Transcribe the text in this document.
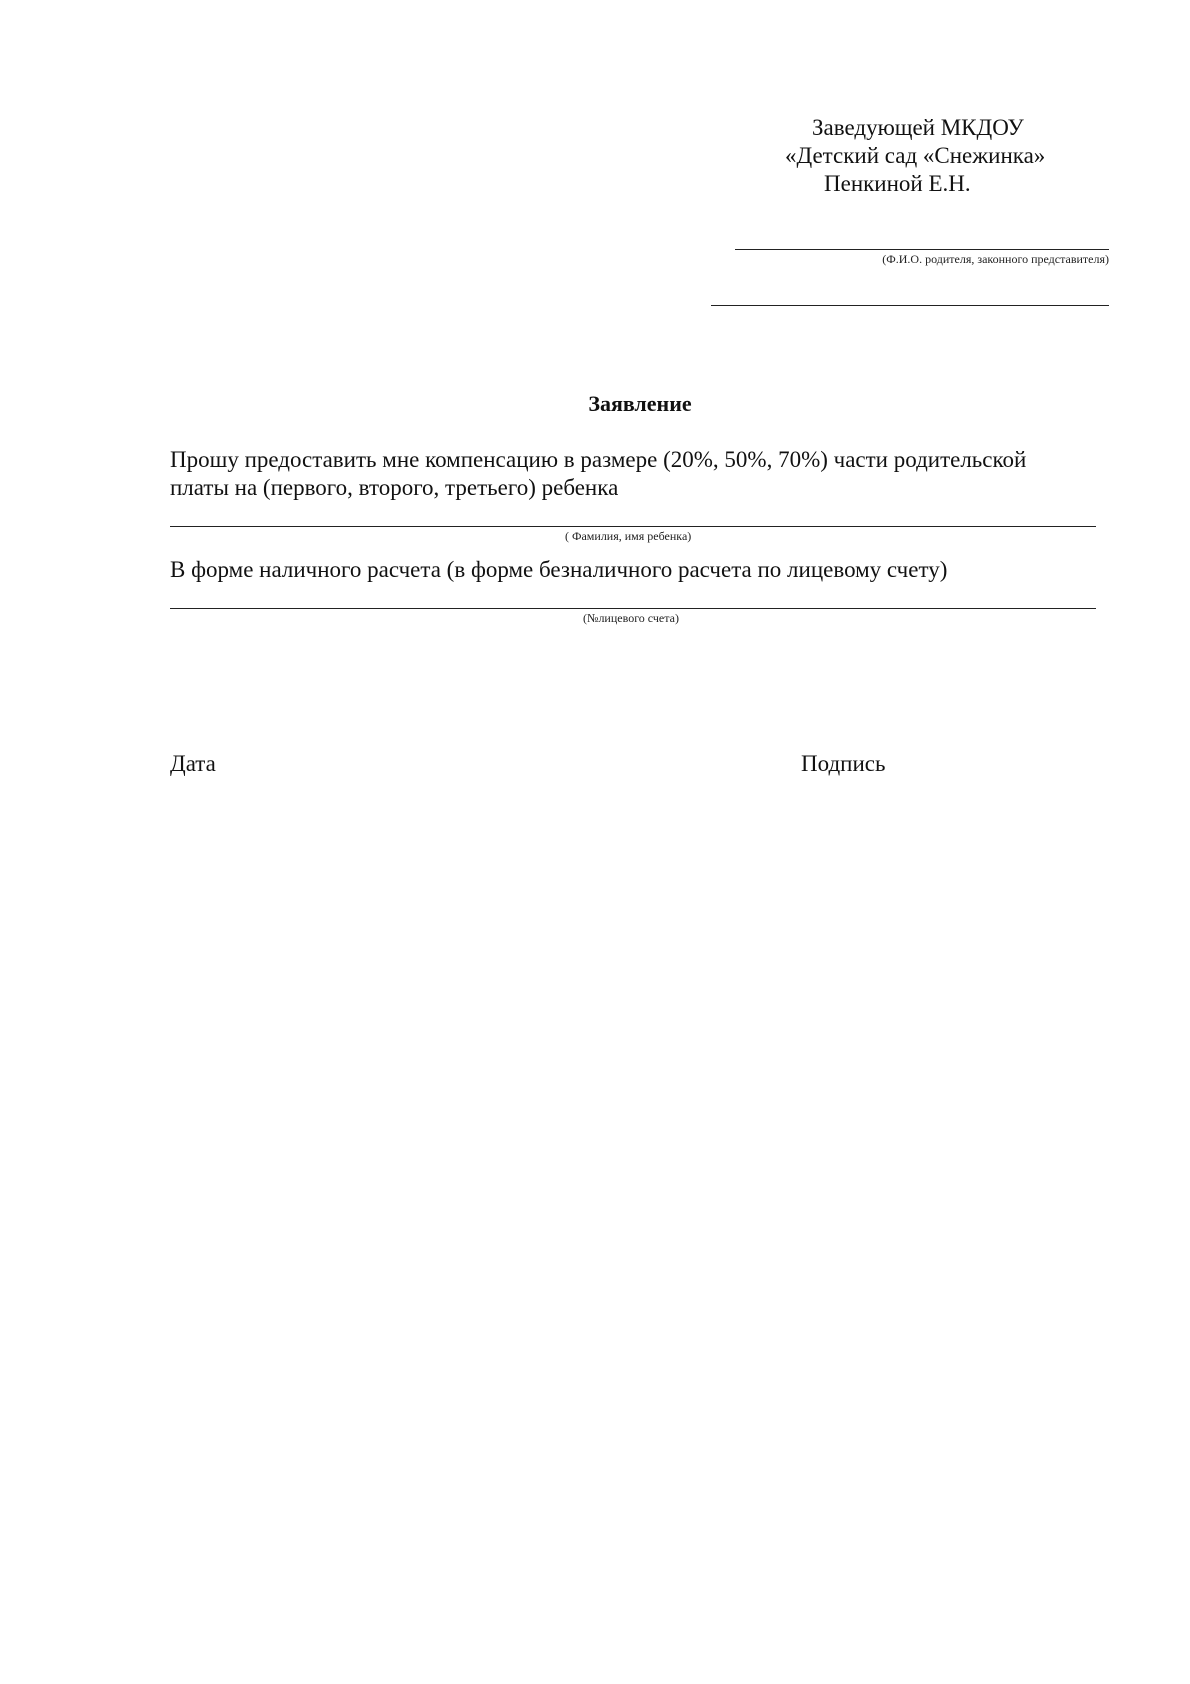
Заведующей МКДОУ
«Детский сад «Снежинка»
Пенкиной Е.Н.
(Ф.И.О. родителя, законного представителя)
Заявление
Прошу предоставить мне компенсацию в размере (20%, 50%, 70%) части родительской
платы на (первого, второго, третьего) ребенка
( Фамилия, имя ребенка)
В форме наличного расчета (в форме безналичного расчета по лицевому счету)
(№лицевого счета)
Дата	Подпись
